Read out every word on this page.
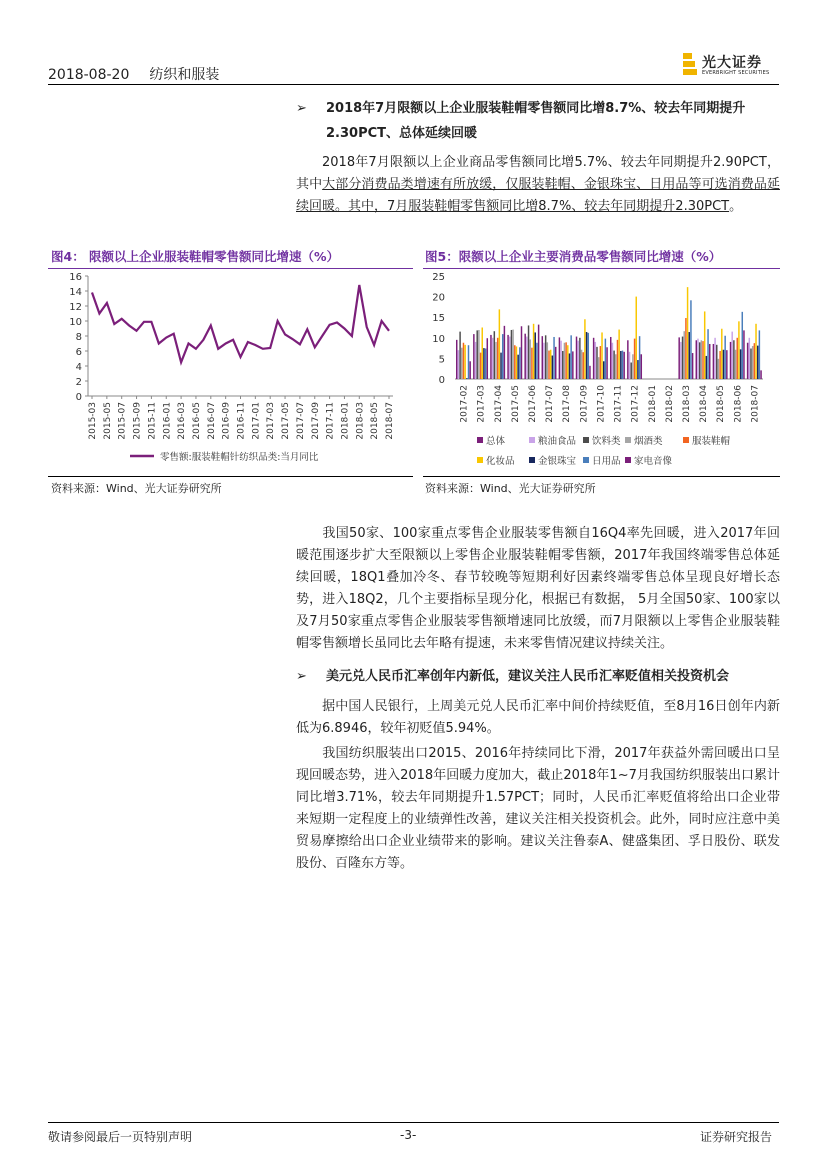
2018-08-20 纺织和服装
光大证券
EVERBRIGHT SECURITIES
➢	2018年7月限额以上企业服装鞋帽零售额同比增8.7%、较去年同期提升2.30PCT、总体延续回暖
2018年7月限额以上企业商品零售额同比增5.7%、较去年同期提升2.90PCT，其中大部分消费品类增速有所放缓，仅服装鞋帽、金银珠宝、日用品等可选消费品延续回暖。其中，7月服装鞋帽零售额同比增8.7%、较去年同期提升2.30PCT。
图4： 限额以上企业服装鞋帽零售额同比增速（%）	图5：限额以上企业主要消费品零售额同比增速（%）
0
2
4
6
8
10
12
14
16
2015-03 2015-05 2015-07 2015-09 2015-11 2016-01 2016-03 2016-05 2016-07 2016-09 2016-11 2017-01 2017-03 2017-05 2017-07 2017-09 2017-11 2018-01 2018-03 2018-05 2018-07
零售额:服装鞋帽针纺织品类:当月同比
0
5
10
15
20
25
2017-02 2017-03 2017-04 2017-05 2017-06 2017-07 2017-08 2017-09 2017-10 2017-11 2017-12 2018-01 2018-02 2018-03 2018-04 2018-05 2018-06 2018-07
总体	粮油食品 饮料类 烟酒类	服装鞋帽
化妆品 金银珠宝 日用品 家电音像
资料来源：Wind、光大证券研究所	资料来源：Wind、光大证券研究所
我国50家、100家重点零售企业服装零售额自16Q4率先回暖，进入2017年回暖范围逐步扩大至限额以上零售企业服装鞋帽零售额，2017年我国终端零售总体延续回暖，18Q1叠加冷冬、春节较晚等短期利好因素终端零售总体呈现良好增长态势，进入18Q2，几个主要指标呈现分化，根据已有数据， 5月全国50家、100家以及7月50家重点零售企业服装零售额增速同比放缓，而7月限额以上零售企业服装鞋帽零售额增长虽同比去年略有提速，未来零售情况建议持续关注。
➢	美元兑人民币汇率创年内新低，建议关注人民币汇率贬值相关投资机会
据中国人民银行，上周美元兑人民币汇率中间价持续贬值，至8月16日创年内新低为6.8946，较年初贬值5.94%。
我国纺织服装出口2015、2016年持续同比下滑，2017年获益外需回暖出口呈现回暖态势，进入2018年回暖力度加大，截止2018年1~7月我国纺织服装出口累计同比增3.71%，较去年同期提升1.57PCT；同时，人民币汇率贬值将给出口企业带来短期一定程度上的业绩弹性改善，建议关注相关投资机会。此外，同时应注意中美贸易摩擦给出口企业业绩带来的影响。建议关注鲁泰A、健盛集团、孚日股份、联发股份、百隆东方等。
敬请参阅最后一页特别声明	-3-	证券研究报告
